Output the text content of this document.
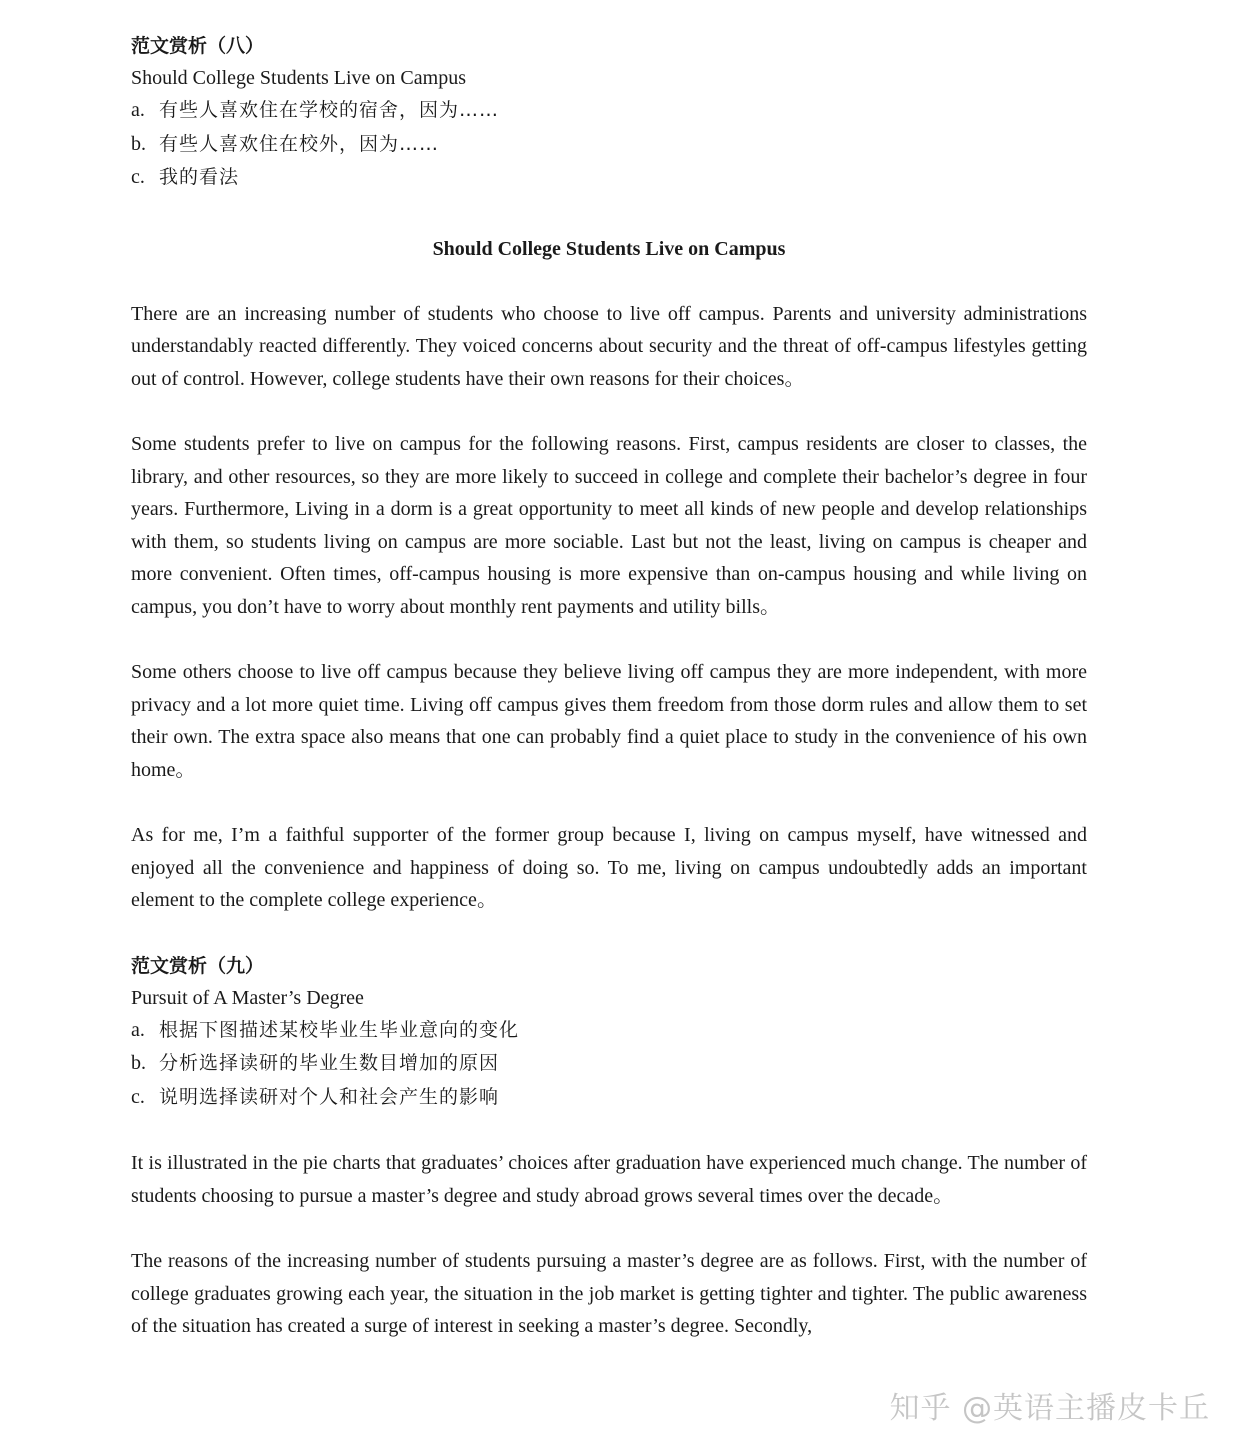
范文赏析（八）

Should College Students Live on Campus

a. 有些人喜欢住在学校的宿舍，因为……

b. 有些人喜欢住在校外，因为……

c. 我的看法

Should College Students Live on Campus

There are an increasing number of students who choose to live off campus. Parents and university administrations understandably reacted differently. They voiced concerns about security and the threat of off-campus lifestyles getting out of control. However, college students have their own reasons for their choices。

Some students prefer to live on campus for the following reasons. First, campus residents are closer to classes, the library, and other resources, so they are more likely to succeed in college and complete their bachelor’s degree in four years. Furthermore, Living in a dorm is a great opportunity to meet all kinds of new people and develop relationships with them, so students living on campus are more sociable. Last but not the least, living on campus is cheaper and more convenient. Often times, off-campus housing is more expensive than on-campus housing and while living on campus, you don’t have to worry about monthly rent payments and utility bills。

Some others choose to live off campus because they believe living off campus they are more independent, with more privacy and a lot more quiet time. Living off campus gives them freedom from those dorm rules and allow them to set their own. The extra space also means that one can probably find a quiet place to study in the convenience of his own home。

As for me, I’m a faithful supporter of the former group because I, living on campus myself, have witnessed and enjoyed all the convenience and happiness of doing so. To me, living on campus undoubtedly adds an important element to the complete college experience。

范文赏析（九）

Pursuit of A Master’s Degree

a. 根据下图描述某校毕业生毕业意向的变化

b. 分析选择读研的毕业生数目增加的原因

c. 说明选择读研对个人和社会产生的影响

It is illustrated in the pie charts that graduates’ choices after graduation have experienced much change. The number of students choosing to pursue a master’s degree and study abroad grows several times over the decade。

The reasons of the increasing number of students pursuing a master’s degree are as follows. First, with the number of college graduates growing each year, the situation in the job market is getting tighter and tighter. The public awareness of the situation has created a surge of interest in seeking a master’s degree. Secondly,

知乎 @英语主播皮卡丘
